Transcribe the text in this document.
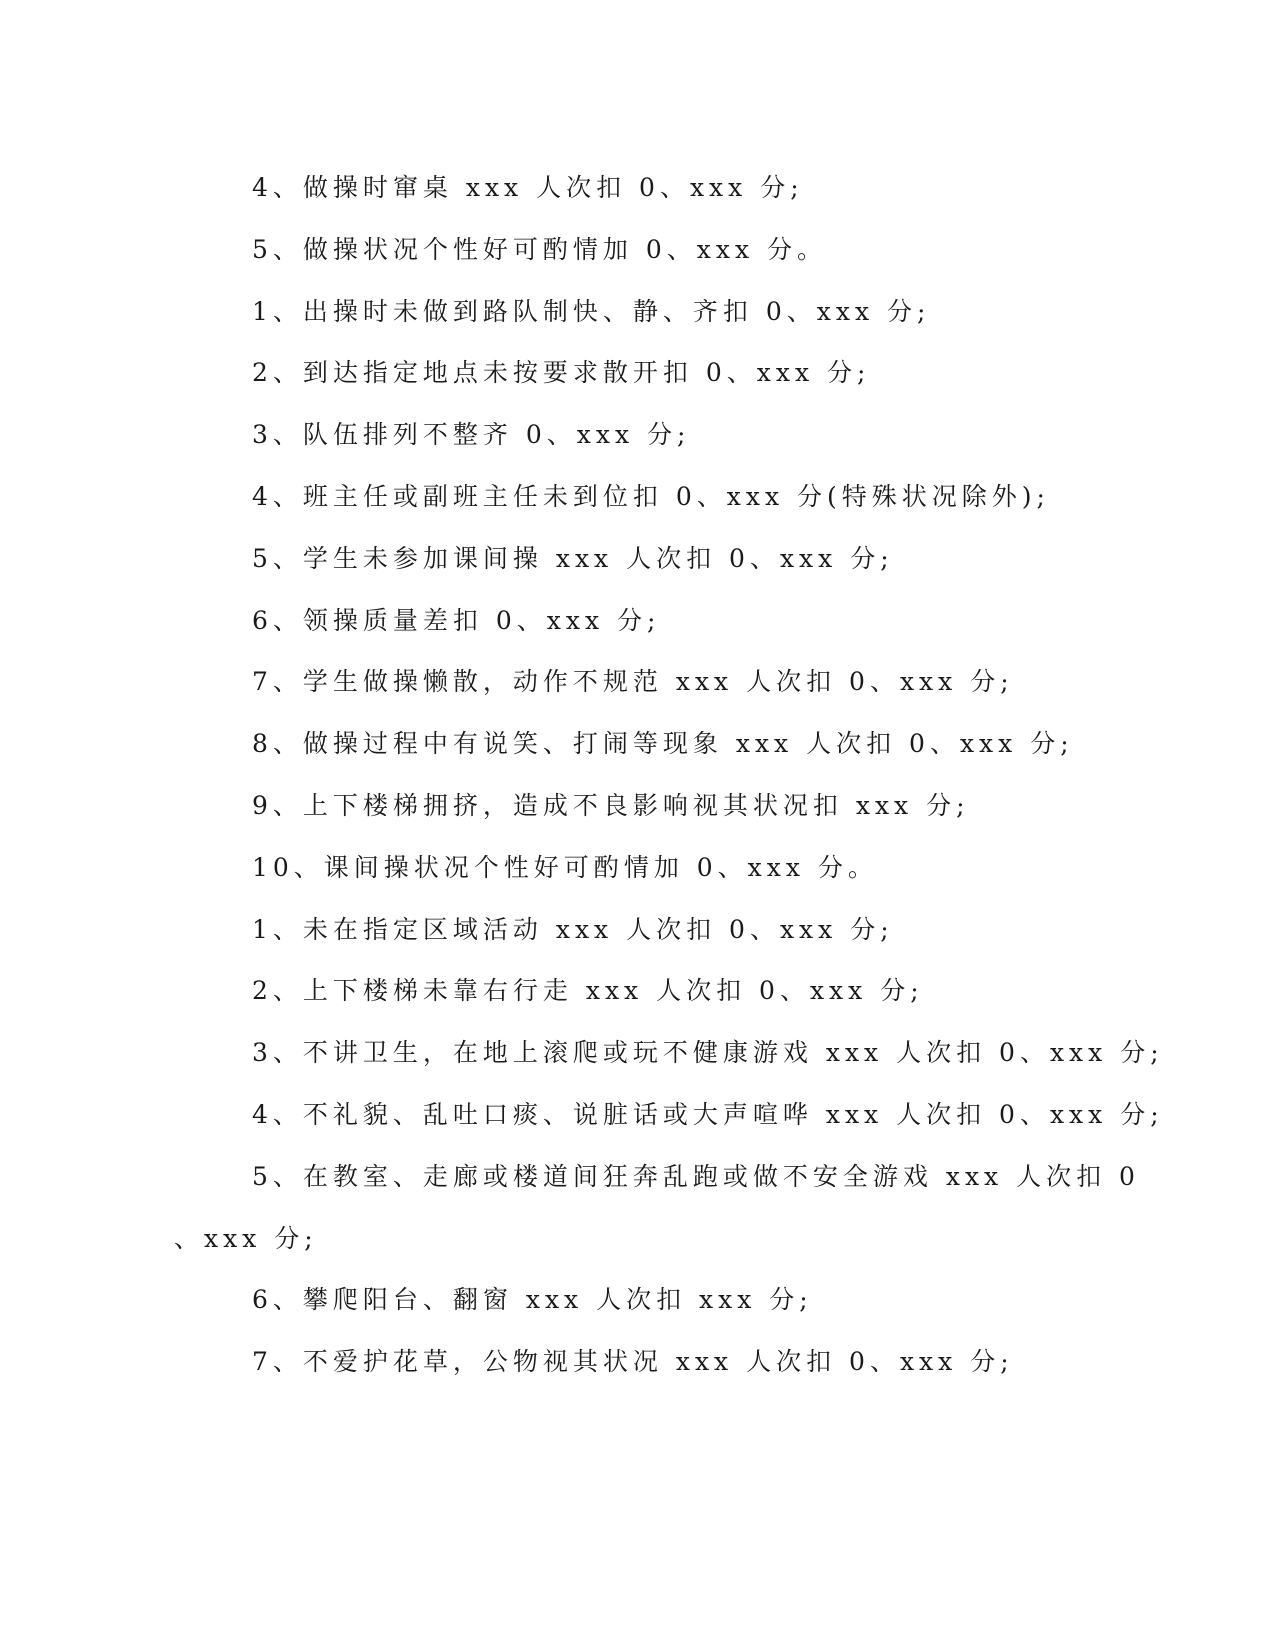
4、做操时窜桌 xxx 人次扣 0、xxx 分;
5、做操状况个性好可酌情加 0、xxx 分。
1、出操时未做到路队制快、静、齐扣 0、xxx 分;
2、到达指定地点未按要求散开扣 0、xxx 分;
3、队伍排列不整齐 0、xxx 分;
4、班主任或副班主任未到位扣 0、xxx 分(特殊状况除外);
5、学生未参加课间操 xxx 人次扣 0、xxx 分;
6、领操质量差扣 0、xxx 分;
7、学生做操懒散，动作不规范 xxx 人次扣 0、xxx 分;
8、做操过程中有说笑、打闹等现象 xxx 人次扣 0、xxx 分;
9、上下楼梯拥挤，造成不良影响视其状况扣 xxx 分;
10、课间操状况个性好可酌情加 0、xxx 分。
1、未在指定区域活动 xxx 人次扣 0、xxx 分;
2、上下楼梯未靠右行走 xxx 人次扣 0、xxx 分;
3、不讲卫生，在地上滚爬或玩不健康游戏 xxx 人次扣 0、xxx 分;
4、不礼貌、乱吐口痰、说脏话或大声喧哗 xxx 人次扣 0、xxx 分;
5、在教室、走廊或楼道间狂奔乱跑或做不安全游戏 xxx 人次扣 0
、xxx 分;
6、攀爬阳台、翻窗 xxx 人次扣 xxx 分;
7、不爱护花草，公物视其状况 xxx 人次扣 0、xxx 分;
